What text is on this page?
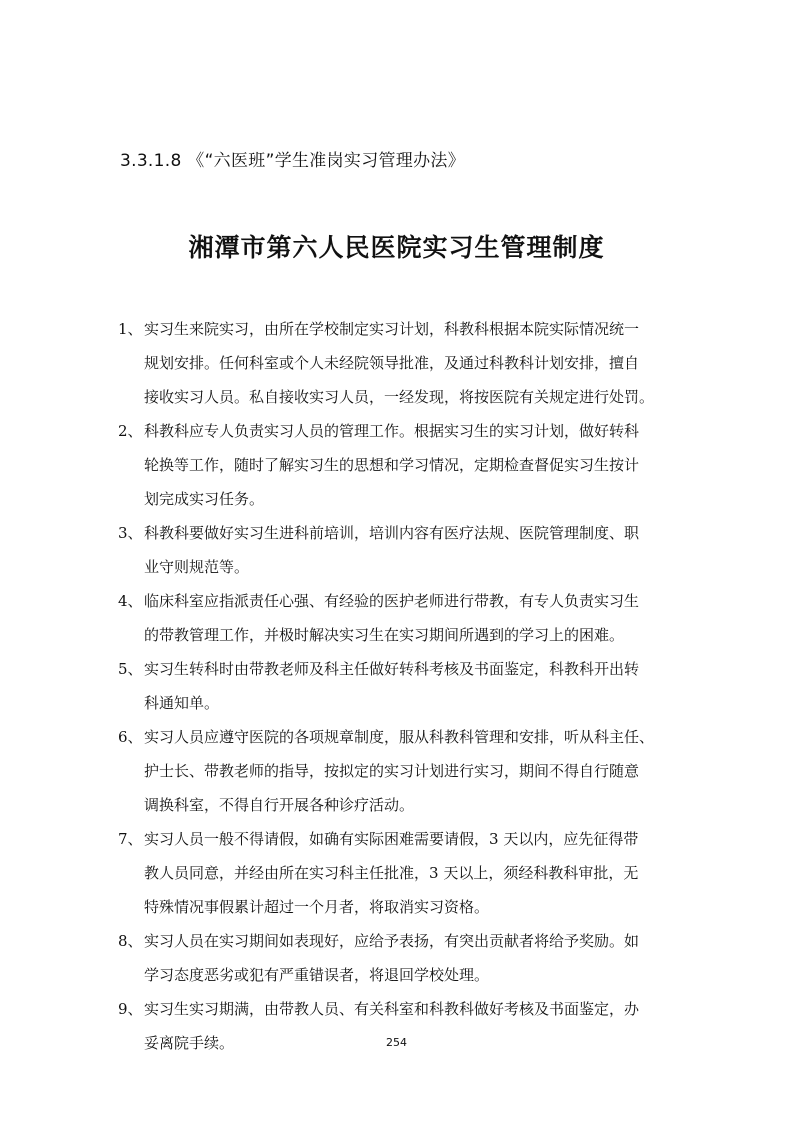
3.3.1.8 《“六医班”学生准岗实习管理办法》
湘潭市第六人民医院实习生管理制度
1、实习生来院实习，由所在学校制定实习计划，科教科根据本院实际情况统一
规划安排。任何科室或个人未经院领导批准，及通过科教科计划安排，擅自
接收实习人员。私自接收实习人员，一经发现，将按医院有关规定进行处罚。
2、科教科应专人负责实习人员的管理工作。根据实习生的实习计划，做好转科
轮换等工作，随时了解实习生的思想和学习情况，定期检查督促实习生按计
划完成实习任务。
3、科教科要做好实习生进科前培训，培训内容有医疗法规、医院管理制度、职
业守则规范等。
4、临床科室应指派责任心强、有经验的医护老师进行带教，有专人负责实习生
的带教管理工作，并极时解决实习生在实习期间所遇到的学习上的困难。
5、实习生转科时由带教老师及科主任做好转科考核及书面鉴定，科教科开出转
科通知单。
6、实习人员应遵守医院的各项规章制度，服从科教科管理和安排，听从科主任、
护士长、带教老师的指导，按拟定的实习计划进行实习，期间不得自行随意
调换科室，不得自行开展各种诊疗活动。
7、实习人员一般不得请假，如确有实际困难需要请假，3 天以内，应先征得带
教人员同意，并经由所在实习科主任批准，3 天以上，须经科教科审批，无
特殊情况事假累计超过一个月者，将取消实习资格。
8、实习人员在实习期间如表现好，应给予表扬，有突出贡献者将给予奖励。如
学习态度恶劣或犯有严重错误者，将退回学校处理。
9、实习生实习期满，由带教人员、有关科室和科教科做好考核及书面鉴定，办
妥离院手续。	254
